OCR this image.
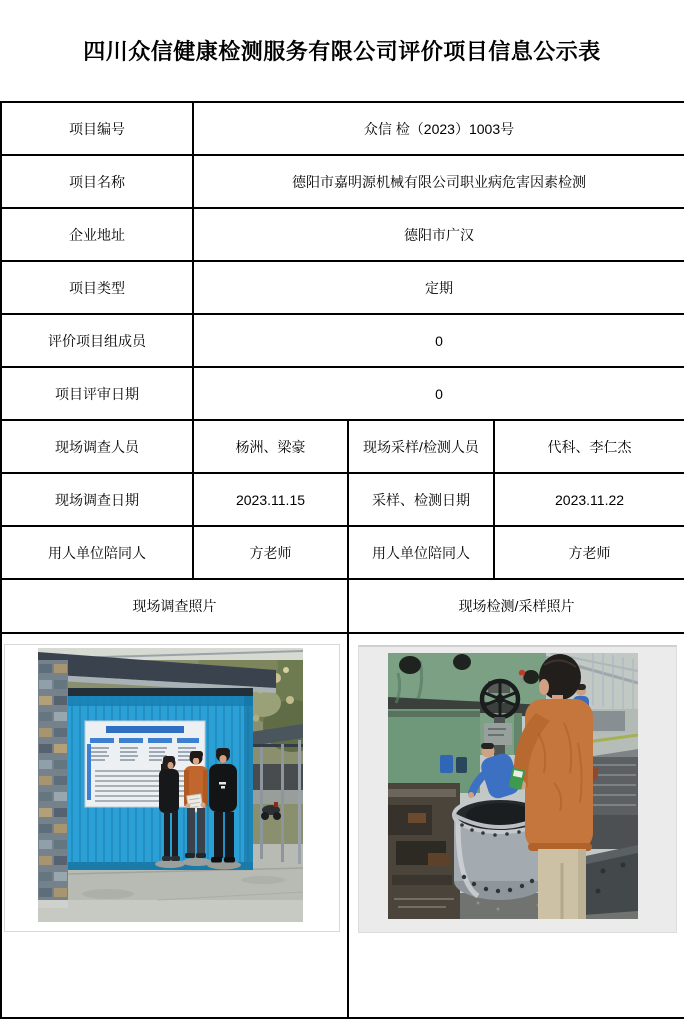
四川众信健康检测服务有限公司评价项目信息公示表
项目编号	众信 检（2023）1003号		
项目名称	德阳市嘉明源机械有限公司职业病危害因素检测		
企业地址	德阳市广汉		
项目类型	定期		
评价项目组成员	0		
项目评审日期	0		
现场调查人员	杨洲、梁豪	现场采样/检测人员	代科、李仁杰
现场调查日期	2023.11.15	采样、检测日期	2023.11.22
用人单位陪同人	方老师	用人单位陪同人	方老师
现场调查照片		现场检测/采样照片	
